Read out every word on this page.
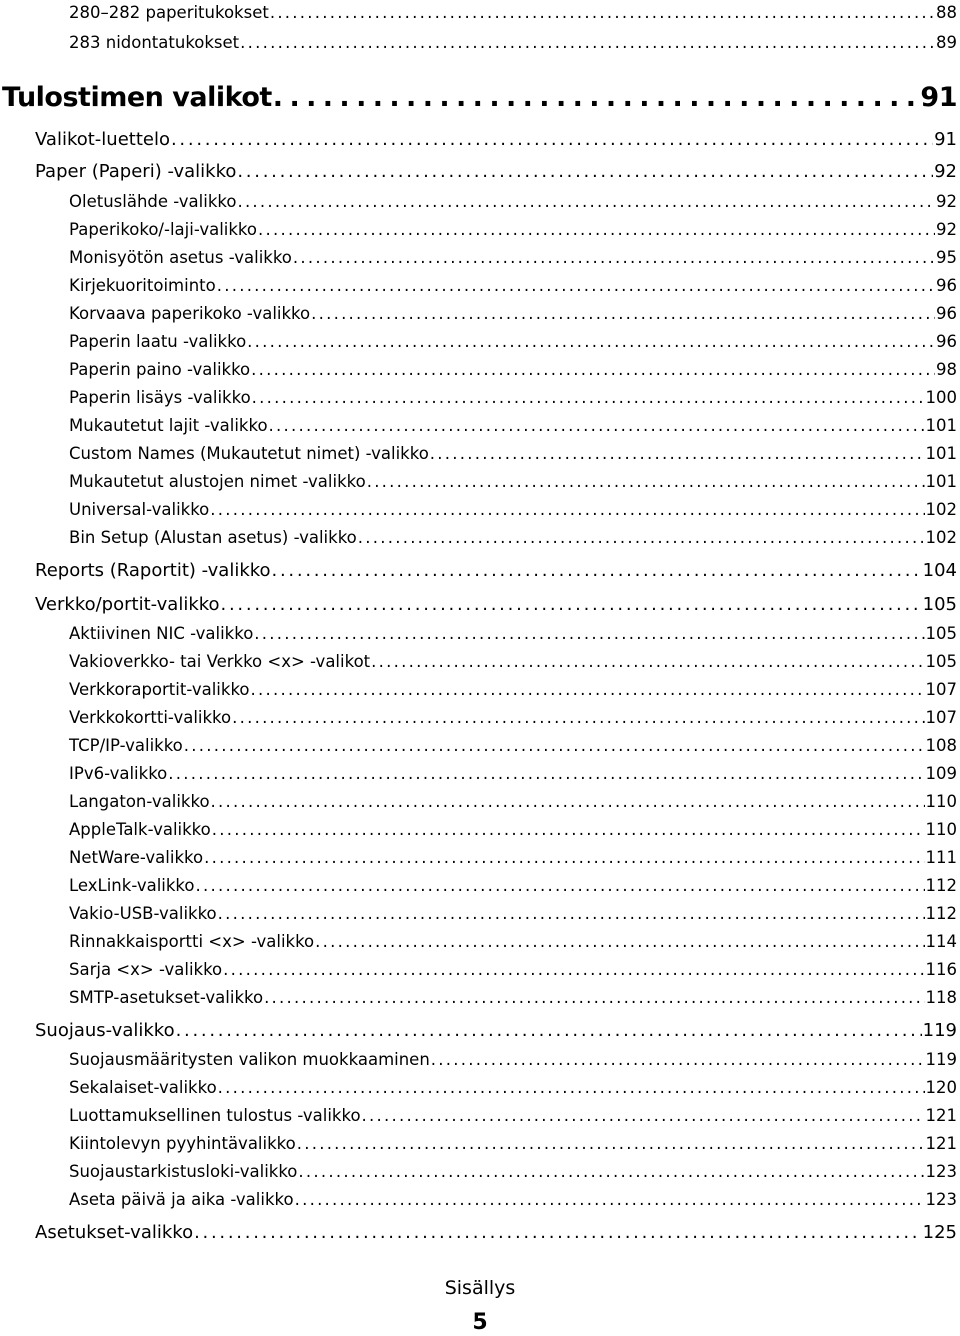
280–282 paperitukokset . . .	88
283 nidontatukokset . . .	89
Tulostimen valikot . . .	91
Valikot-luettelo . . .	91
Paper (Paperi) -valikko . . .	92
Oletuslähde -valikko . . .	92
Paperikoko/-laji-valikko . . .	92
Monisyötön asetus -valikko . . .	95
Kirjekuoritoiminto . . .	96
Korvaava paperikoko -valikko . . .	96
Paperin laatu -valikko . . .	96
Paperin paino -valikko . . .	98
Paperin lisäys -valikko . . .	100
Mukautetut lajit -valikko . . .	101
Custom Names (Mukautetut nimet) -valikko . . .	101
Mukautetut alustojen nimet -valikko . . .	101
Universal-valikko . . .	102
Bin Setup (Alustan asetus) -valikko . . .	102
Reports (Raportit) -valikko . . .	104
Verkko/portit-valikko . . .	105
Aktiivinen NIC -valikko . . .	105
Vakioverkko- tai Verkko <x> -valikot . . .	105
Verkkoraportit-valikko . . .	107
Verkkokortti-valikko . . .	107
TCP/IP-valikko . . .	108
IPv6-valikko . . .	109
Langaton-valikko . . .	110
AppleTalk-valikko . . .	110
NetWare-valikko . . .	111
LexLink-valikko . . .	112
Vakio-USB-valikko . . .	112
Rinnakkaisportti <x> -valikko . . .	114
Sarja <x> -valikko . . .	116
SMTP-asetukset-valikko . . .	118
Suojaus-valikko . . .	119
Suojausmääritysten valikon muokkaaminen . . .	119
Sekalaiset-valikko . . .	120
Luottamuksellinen tulostus -valikko . . .	121
Kiintolevyn pyyhintävalikko . . .	121
Suojaustarkistusloki-valikko . . .	123
Aseta päivä ja aika -valikko . . .	123
Asetukset-valikko . . .	125
Sisällys
5
